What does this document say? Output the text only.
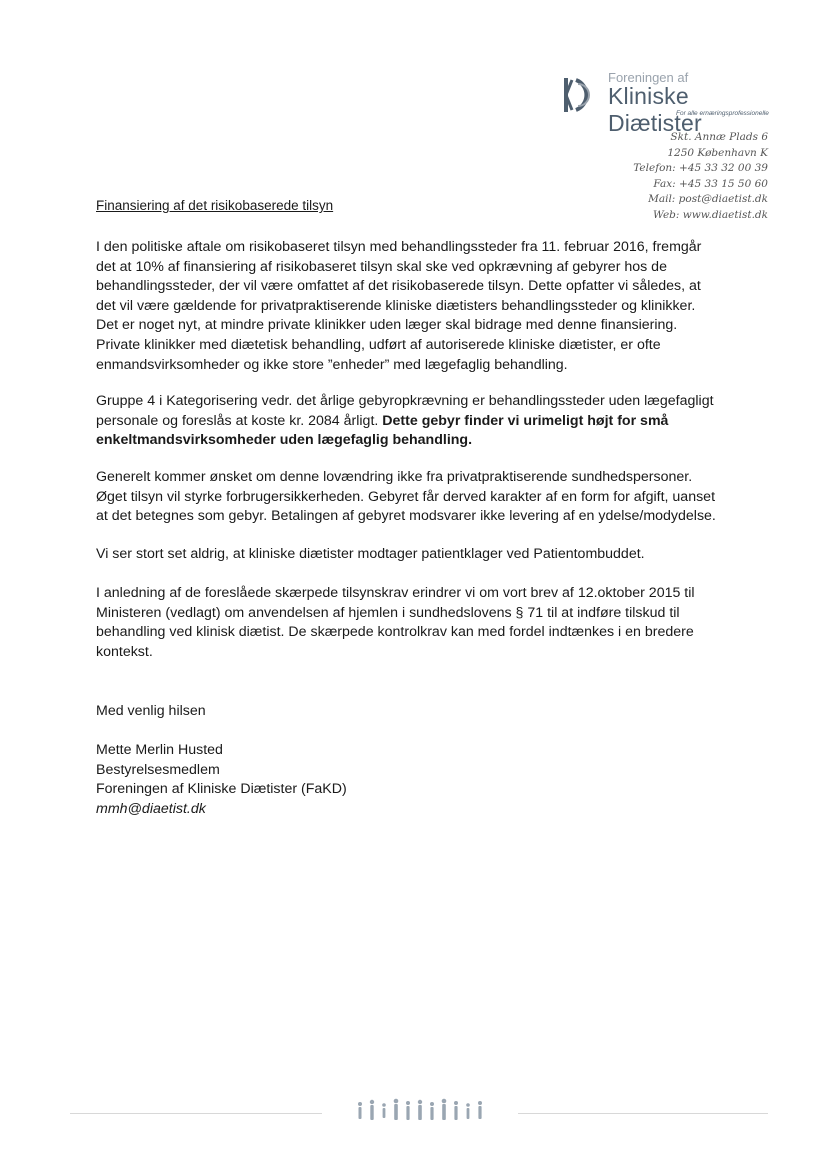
Foreningen af
Kliniske Diætister
For alle ernæringsprofessionelle
Skt. Annæ Plads 6
1250 København K
Telefon: +45 33 32 00 39
Fax: +45 33 15 50 60
Mail: post@diaetist.dk
Web: www.diaetist.dk
Finansiering af det risikobaserede tilsyn

I den politiske aftale om risikobaseret tilsyn med behandlingssteder fra 11. februar 2016, fremgår
det at 10% af finansiering af risikobaseret tilsyn skal ske ved opkrævning af gebyrer hos de
behandlingssteder, der vil være omfattet af det risikobaserede tilsyn. Dette opfatter vi således, at
det vil være gældende for privatpraktiserende kliniske diætisters behandlingssteder og klinikker.
Det er noget nyt, at mindre private klinikker uden læger skal bidrage med denne finansiering.
Private klinikker med diætetisk behandling, udført af autoriserede kliniske diætister, er ofte
enmandsvirksomheder og ikke store ”enheder” med lægefaglig behandling.

Gruppe 4 i Kategorisering vedr. det årlige gebyropkrævning er behandlingssteder uden lægefagligt
personale og foreslås at koste kr. 2084 årligt. Dette gebyr finder vi urimeligt højt for små
enkeltmandsvirksomheder uden lægefaglig behandling.

Generelt kommer ønsket om denne lovændring ikke fra privatpraktiserende sundhedspersoner.
Øget tilsyn vil styrke forbrugersikkerheden. Gebyret får derved karakter af en form for afgift, uanset
at det betegnes som gebyr. Betalingen af gebyret modsvarer ikke levering af en ydelse/modydelse.

Vi ser stort set aldrig, at kliniske diætister modtager patientklager ved Patientombuddet.

I anledning af de foreslåede skærpede tilsynskrav erindrer vi om vort brev af 12.oktober 2015 til
Ministeren (vedlagt) om anvendelsen af hjemlen i sundhedslovens § 71 til at indføre tilskud til
behandling ved klinisk diætist. De skærpede kontrolkrav kan med fordel indtænkes i en bredere
kontekst.

Med venlig hilsen
Mette Merlin Husted
Bestyrelsesmedlem
Foreningen af Kliniske Diætister (FaKD)
mmh@diaetist.dk
